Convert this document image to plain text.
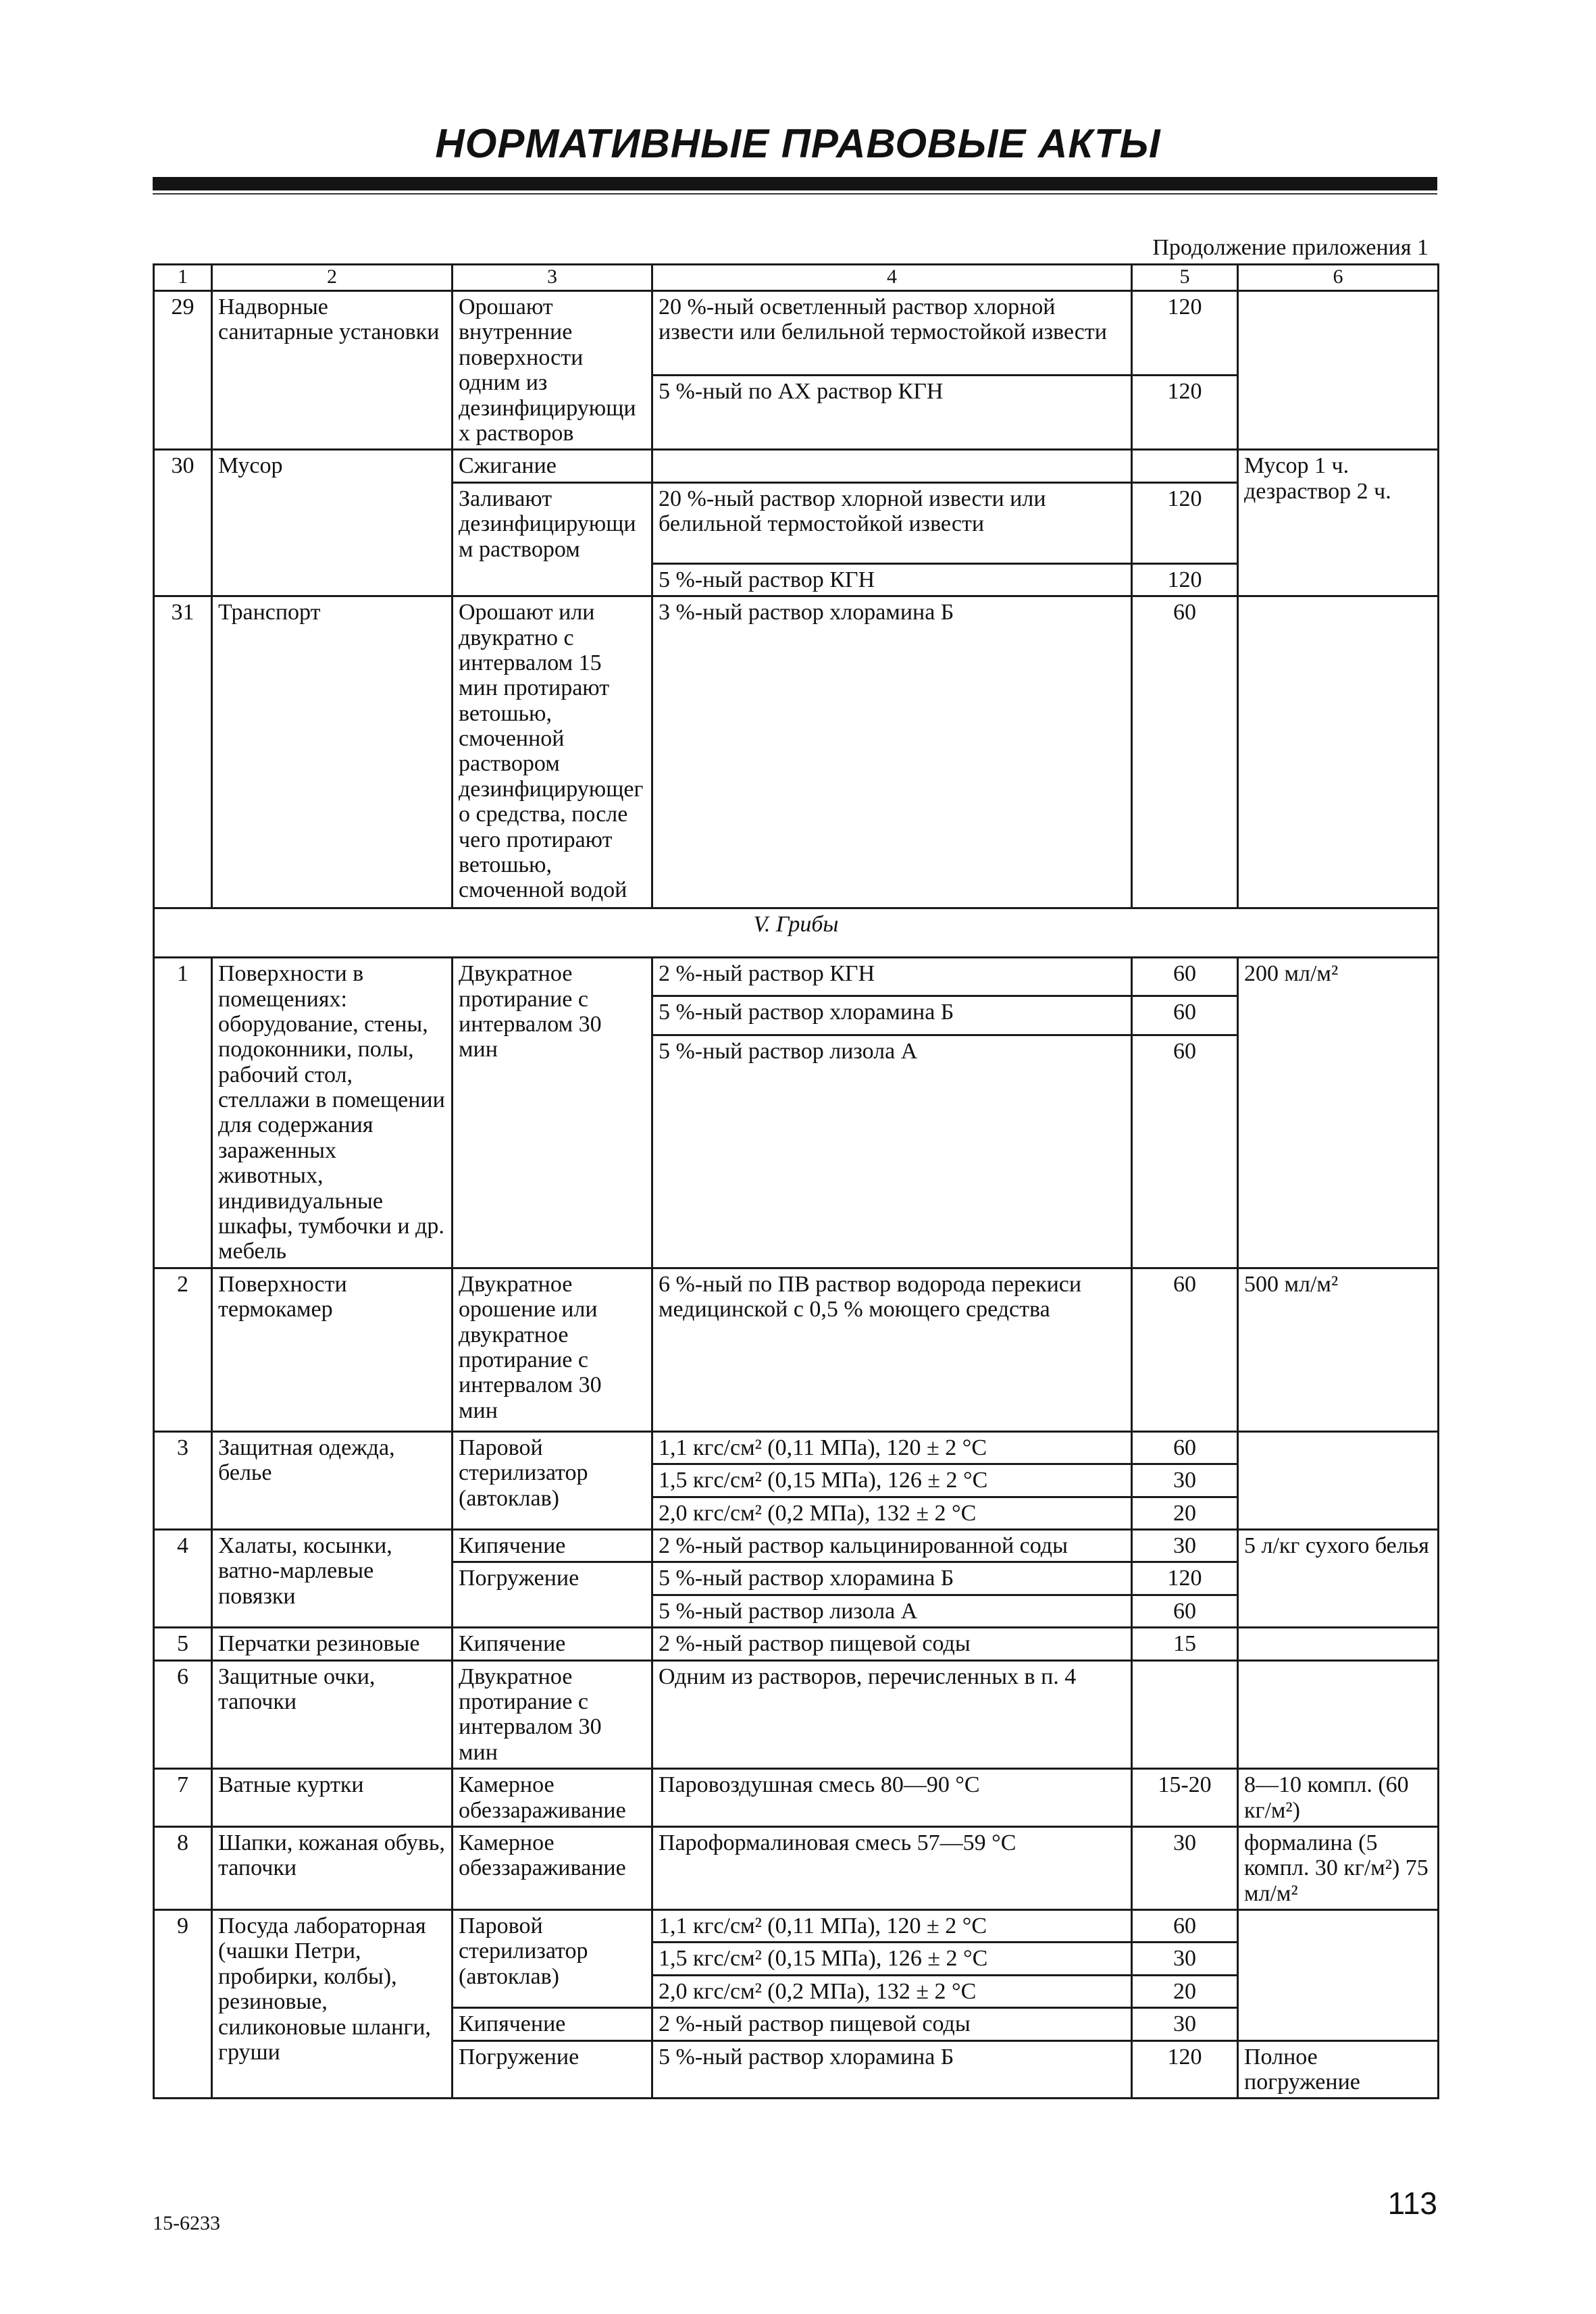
НОРМАТИВНЫЕ ПРАВОВЫЕ АКТЫ
Продолжение приложения 1
1	2	3	4	5	6
29	Надворные санитарные установки	Орошают внутренние поверхности одним из дезинфицирующих растворов	20 %-ный осветленный раствор хлорной извести или белильной термостойкой извести	120	
			5 %-ный по АХ раствор КГН	120	
30	Мусор	Сжигание			Мусор 1 ч. дезраствор 2 ч.
		Заливают дезинфицирующим раствором	20 %-ный раствор хлорной извести или белильной термостойкой извести	120	
			5 %-ный раствор КГН	120	
31	Транспорт	Орошают или двукратно с интервалом 15 мин протирают ветошью, смоченной раствором дезинфицирующего средства, после чего протирают ветошью, смоченной водой	3 %-ный раствор хлорамина Б	60	
V. Грибы					
1	Поверхности в помещениях: оборудование, стены, подоконники, полы, рабочий стол, стеллажи в помещении для содержания зараженных животных, индивидуальные шкафы, тумбочки и др. мебель	Двукратное протирание с интервалом 30 мин	2 %-ный раствор КГН	60	200 мл/м²
			5 %-ный раствор хлорамина Б	60	
			5 %-ный раствор лизола А	60	
2	Поверхности термокамер	Двукратное орошение или двукратное протирание с интервалом 30 мин	6 %-ный по ПВ раствор водорода перекиси медицинской с 0,5 % моющего средства	60	500 мл/м²
3	Защитная одежда, белье	Паровой стерилизатор (автоклав)	1,1 кгс/см² (0,11 МПа), 120 ± 2 °С	60	
			1,5 кгс/см² (0,15 МПа), 126 ± 2 °С	30	
			2,0 кгс/см² (0,2 МПа), 132 ± 2 °С	20	
4	Халаты, косынки, ватно-марлевые повязки	Кипячение	2 %-ный раствор кальцинированной соды	30	5 л/кг сухого белья
		Погружение	5 %-ный раствор хлорамина Б	120	
			5 %-ный раствор лизола А	60	
5	Перчатки резиновые	Кипячение	2 %-ный раствор пищевой соды	15	
6	Защитные очки, тапочки	Двукратное протирание с интервалом 30 мин	Одним из растворов, перечисленных в п. 4		
7	Ватные куртки	Камерное обеззараживание	Паровоздушная смесь 80—90 °С	15-20	8—10 компл. (60 кг/м²)
8	Шапки, кожаная обувь, тапочки	Камерное обеззараживание	Пароформалиновая смесь 57—59 °С	30	формалина (5 компл. 30 кг/м²) 75 мл/м²
9	Посуда лабораторная (чашки Петри, пробирки, колбы), резиновые, силиконовые шланги, груши	Паровой стерилизатор (автоклав)	1,1 кгс/см² (0,11 МПа), 120 ± 2 °С	60	
			1,5 кгс/см² (0,15 МПа), 126 ± 2 °С	30	
			2,0 кгс/см² (0,2 МПа), 132 ± 2 °С	20	
		Кипячение	2 %-ный раствор пищевой соды	30	
		Погружение	5 %-ный раствор хлорамина Б	120	Полное погружение
15-6233
113
